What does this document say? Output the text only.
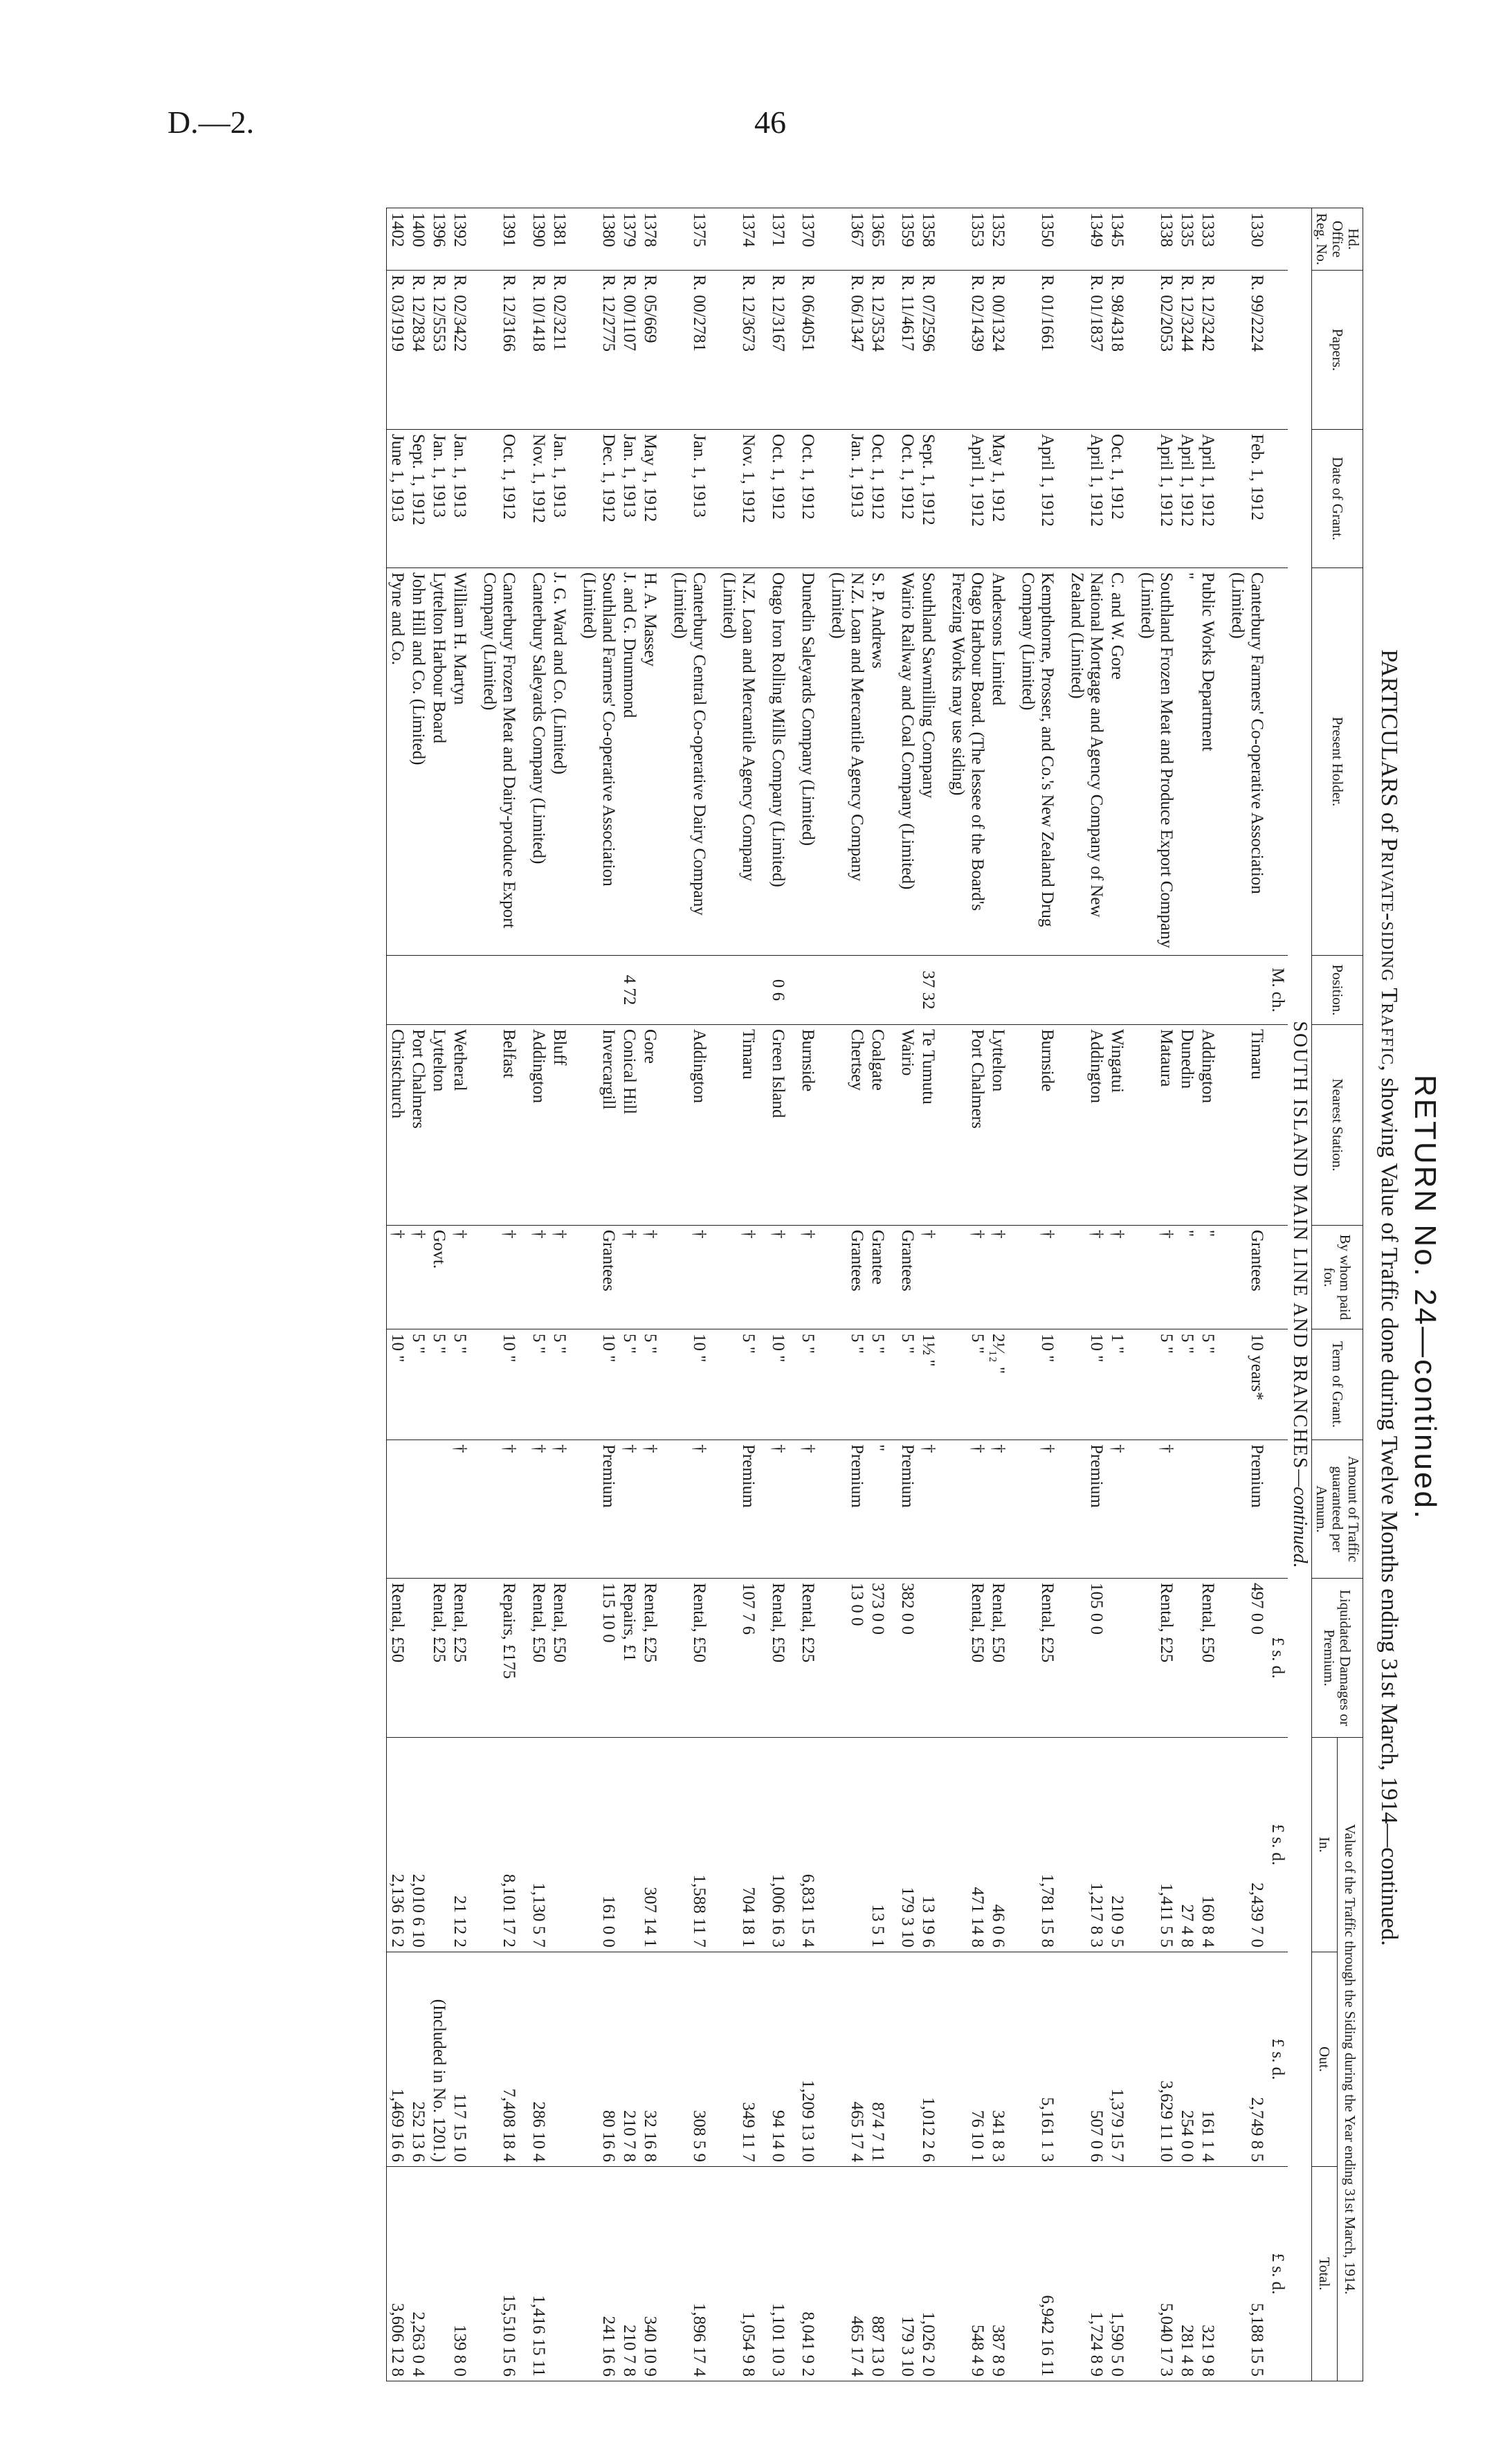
D.—2.	46
RETURN No. 24—continued.
PARTICULARS of Private-siding Traffic, showing Value of Traffic done during Twelve Months ending 31st March, 1914—continued.
Hd. Office Reg. No.	Papers.	Date of Grant.	Present Holder.	Position.	Nearest Station.	By whom paid for.	Term of Grant.	Amount of Traffic guaranteed per Annum.	Liquidated Damages or Premium.	Value of the Traffic through the Siding during the Year ending 31st March, 1914.		
										In.	Out.	Total.
SOUTH ISLAND MAIN LINE AND BRANCHES—continued.												
				M. ch.					£ s. d.	£ s. d.	£ s. d.	£ s. d.
1330	R. 99/2224	Feb. 1, 1912	Canterbury Farmers' Co-operative Association (Limited)		Timaru	Grantees	10 years*	Premium	497 0 0	2,439 7 0	2,749 8 5	5,188 15 5
1333	R. 12/3242	April 1, 1912	Public Works Department		Addington	"	5 "		Rental, £50	160 8 4	161 1 4	321 9 8
1335	R. 12/3244	April 1, 1912	"		Dunedin	"	5 "			27 4 8	254 0 0	281 4 8
1338	R. 02/2053	April 1, 1912	Southland Frozen Meat and Produce Export Company (Limited)		Mataura	†	5 "	†	Rental, £25	1,411 5 5	3,629 11 10	5,040 17 3
1345	R. 98/4318	Oct. 1, 1912	C. and W. Gore		Wingatui	†	1 "	†		210 9 5	1,379 15 7	1,590 5 0
1349	R. 01/1837	April 1, 1912	National Mortgage and Agency Company of New Zealand (Limited)		Addington	†	10 "	Premium	105 0 0	1,217 8 3	507 0 6	1,724 8 9
1350	R. 01/1661	April 1, 1912	Kempthorne, Prosser, and Co.'s New Zealand Drug Company (Limited)		Burnside	†	10 "	†	Rental, £25	1,781 15 8	5,161 1 3	6,942 16 11
1352	R. 00/1324	May 1, 1912	Andersons Limited		Lyttelton	†	2¹⁄₁₂ "	†	Rental, £50	46 0 6	341 8 3	387 8 9
1353	R. 02/1439	April 1, 1912	Otago Harbour Board. (The lessee of the Board's Freezing Works may use siding)		Port Chalmers	†	5 "	†	Rental, £50	471 14 8	76 10 1	548 4 9
1358	R. 07/2596	Sept. 1, 1912	Southland Sawmilling Company	37 32	Te Tumutu	†	1½ "	†		13 19 6	1,012 2 6	1,026 2 0
1359	R. 11/4617	Oct. 1, 1912	Wairio Railway and Coal Company (Limited)		Wairio	Grantees	5 "	Premium	382 0 0	179 3 10		179 3 10
1365	R. 12/3534	Oct. 1, 1912	S. P. Andrews		Coalgate	Grantee	5 "	"	373 0 0	13 5 1	874 7 11	887 13 0
1367	R. 06/1347	Jan. 1, 1913	N.Z. Loan and Mercantile Agency Company (Limited)		Chertsey	Grantees	5 "	Premium	13 0 0		465 17 4	465 17 4
1370	R. 06/4051	Oct. 1, 1912	Dunedin Saleyards Company (Limited)		Burnside	†	5 "	†	Rental, £25	6,831 15 4	1,209 13 10	8,041 9 2
1371	R. 12/3167	Oct. 1, 1912	Otago Iron Rolling Mills Company (Limited)	0 6	Green Island	†	10 "	†	Rental, £50	1,006 16 3	94 14 0	1,101 10 3
1374	R. 12/3673	Nov. 1, 1912	N.Z. Loan and Mercantile Agency Company (Limited)		Timaru	†	5 "	Premium	107 7 6	704 18 1	349 11 7	1,054 9 8
1375	R. 00/2781	Jan. 1, 1913	Canterbury Central Co-operative Dairy Company (Limited)		Addington	†	10 "	†	Rental, £50	1,588 11 7	308 5 9	1,896 17 4
1378	R. 05/669	May 1, 1912	H. A. Massey		Gore	†	5 "	†	Rental, £25	307 14 1	32 16 8	340 10 9
1379	R. 00/1107	Jan. 1, 1913	J. and G. Drummond	4 72	Conical Hill	†	5 "	†	Repairs, £1		210 7 8	210 7 8
1380	R. 12/2775	Dec. 1, 1912	Southland Farmers' Co-operative Association (Limited)		Invercargill	Grantees	10 "	Premium	115 10 0	161 0 0	80 16 6	241 16 6
1381	R. 02/3211	Jan. 1, 1913	J. G. Ward and Co. (Limited)		Bluff	†	5 "	†	Rental, £50			
1390	R. 10/1418	Nov. 1, 1912	Canterbury Saleyards Company (Limited)		Addington	†	5 "	†	Rental, £50	1,130 5 7	286 10 4	1,416 15 11
1391	R. 12/3166	Oct. 1, 1912	Canterbury Frozen Meat and Dairy-produce Export Company (Limited)		Belfast	†	10 "	†	Repairs, £175	8,101 17 2	7,408 18 4	15,510 15 6
1392	R. 02/3422	Jan. 1, 1913	William H. Martyn		Wetheral	†	5 "	†	Rental, £25	21 12 2	117 15 10	139 8 0
1396	R. 12/5553	Jan. 1, 1913	Lyttelton Harbour Board		Lyttelton	Govt.	5 "		Rental, £25		(Included in No. 1201.)	
1400	R. 12/2834	Sept. 1, 1912	John Hill and Co. (Limited)		Port Chalmers	†	5 "			2,010 6 10	252 13 6	2,263 0 4
1402	R. 03/1919	June 1, 1913	Pyne and Co.		Christchurch	†	10 "		Rental, £50	2,136 16 2	1,469 16 6	3,606 12 8
